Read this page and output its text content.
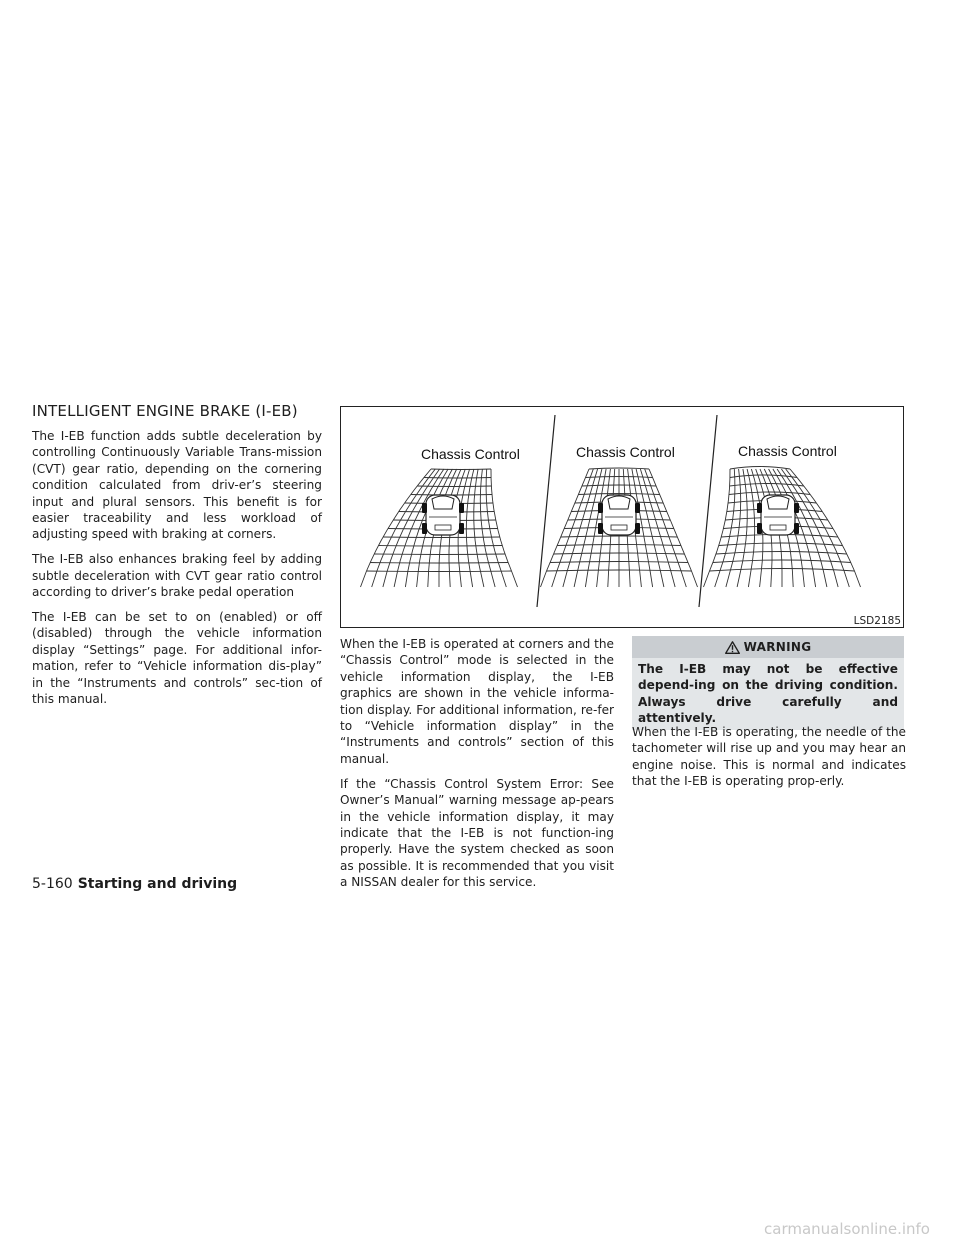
INTELLIGENT ENGINE BRAKE (I-EB)

The I-EB function adds subtle deceleration by controlling Continuously Variable Trans-mission (CVT) gear ratio, depending on the cornering condition calculated from driv-er’s steering input and plural sensors. This benefit is for easier traceability and less workload of adjusting speed with braking at corners.

The I-EB also enhances braking feel by adding subtle deceleration with CVT gear ratio control according to driver’s brake pedal operation

The I-EB can be set to on (enabled) or off (disabled) through the vehicle information display “Settings” page. For additional infor-mation, refer to “Vehicle information dis-play” in the “Instruments and controls” sec-tion of this manual.

Chassis Control	Chassis Control	Chassis Control
LSD2185

When the I-EB is operated at corners and the “Chassis Control” mode is selected in the vehicle information display, the I-EB graphics are shown in the vehicle informa-tion display. For additional information, re-fer to “Vehicle information display” in the “Instruments and controls” section of this manual.

If the “Chassis Control System Error: See Owner’s Manual” warning message ap-pears in the vehicle information display, it may indicate that the I-EB is not function-ing properly. Have the system checked as soon as possible. It is recommended that you visit a NISSAN dealer for this service.

WARNING
The I-EB may not be effective depend-ing on the driving condition. Always drive carefully and attentively.

When the I-EB is operating, the needle of the tachometer will rise up and you may hear an engine noise. This is normal and indicates that the I-EB is operating prop-erly.

5-160 Starting and driving
carmanualsonline.info
